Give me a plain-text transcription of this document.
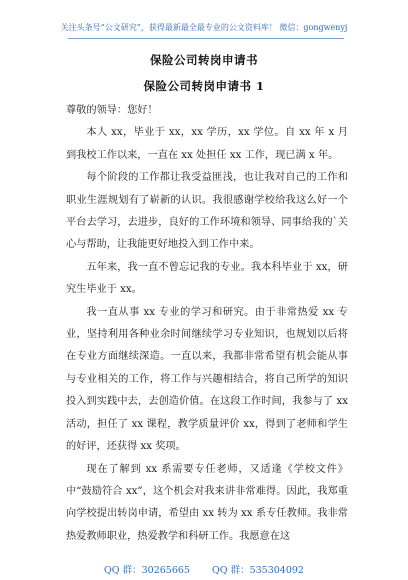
关注头条号“公文研究”，获得最新最全最专业的公文资料库！ 微信：gongwenyj
保险公司转岗申请书
保险公司转岗申请书 1

尊敬的领导：您好！

本人 xx，毕业于 xx，xx 学历，xx 学位。自 xx 年 x 月到我校工作以来，一直在 xx 处担任 xx 工作，现已满 x 年。

每个阶段的工作都让我受益匪浅，也让我对自己的工作和职业生涯规划有了崭新的认识。我很感谢学校给我这么好一个平台去学习，去进步，良好的工作环境和领导、同事给我的`关心与帮助，让我能更好地投入到工作中来。

五年来，我一直不曾忘记我的专业。我本科毕业于 xx，研究生毕业于 xx。

我一直从事 xx 专业的学习和研究。由于非常热爱 xx 专业，坚持利用各种业余时间继续学习专业知识，也规划以后将在专业方面继续深造。一直以来，我都非常希望有机会能从事与专业相关的工作，将工作与兴趣相结合，将自己所学的知识投入到实践中去，去创造价值。在这段工作时间，我参与了 xx 活动，担任了 xx 课程，教学质量评价 xx，得到了老师和学生的好评，还获得 xx 奖项。

现在了解到 xx 系需要专任老师，又适逢《学校文件》中“鼓励符合 xx”，这个机会对我来讲非常难得。因此，我郑重向学校提出转岗申请，希望由 xx 转为 xx 系专任教师。我非常热爱教师职业，热爱教学和科研工作。我愿意在这

QQ 群：30265665 QQ 群：535304092
